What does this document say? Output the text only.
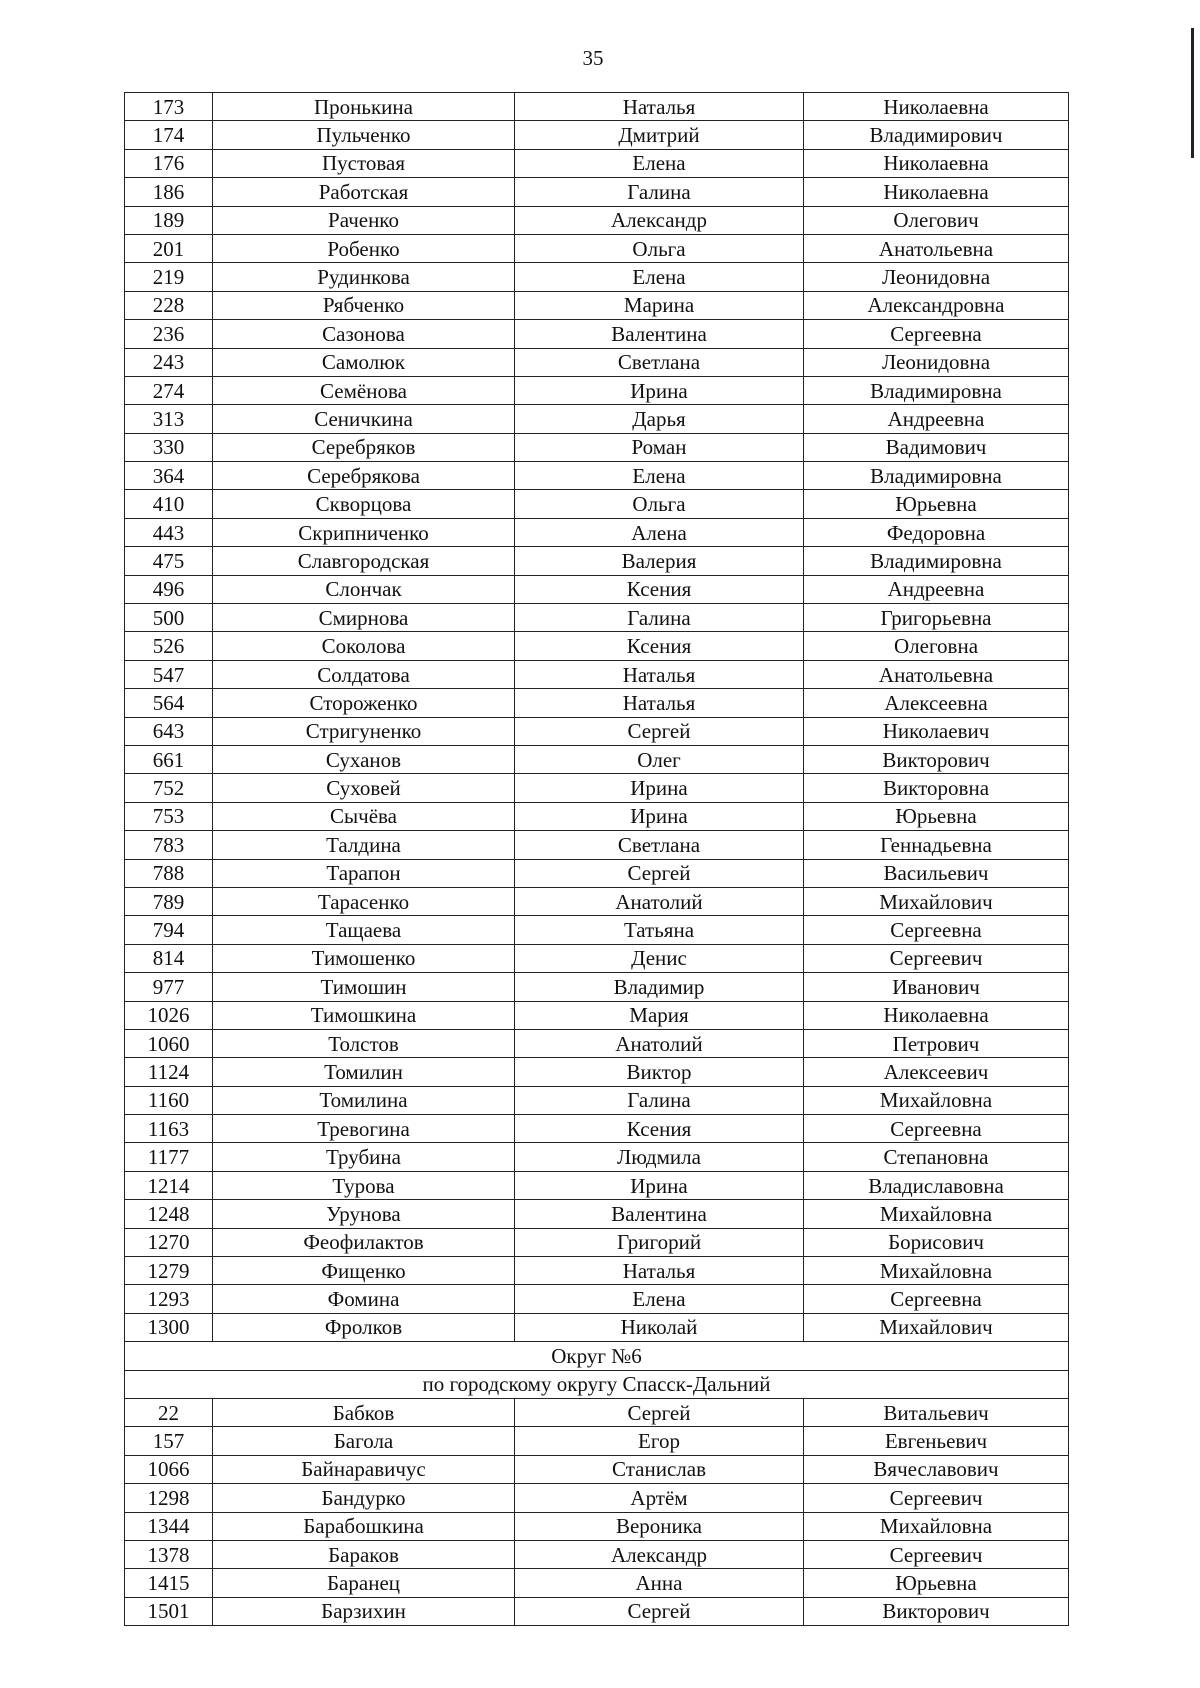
35
173	Пронькина	Наталья	Николаевна
174	Пульченко	Дмитрий	Владимирович
176	Пустовая	Елена	Николаевна
186	Работская	Галина	Николаевна
189	Раченко	Александр	Олегович
201	Робенко	Ольга	Анатольевна
219	Рудинкова	Елена	Леонидовна
228	Рябченко	Марина	Александровна
236	Сазонова	Валентина	Сергеевна
243	Самолюк	Светлана	Леонидовна
274	Семёнова	Ирина	Владимировна
313	Сеничкина	Дарья	Андреевна
330	Серебряков	Роман	Вадимович
364	Серебрякова	Елена	Владимировна
410	Скворцова	Ольга	Юрьевна
443	Скрипниченко	Алена	Федоровна
475	Славгородская	Валерия	Владимировна
496	Слончак	Ксения	Андреевна
500	Смирнова	Галина	Григорьевна
526	Соколова	Ксения	Олеговна
547	Солдатова	Наталья	Анатольевна
564	Стороженко	Наталья	Алексеевна
643	Стригуненко	Сергей	Николаевич
661	Суханов	Олег	Викторович
752	Суховей	Ирина	Викторовна
753	Сычёва	Ирина	Юрьевна
783	Талдина	Светлана	Геннадьевна
788	Тарапон	Сергей	Васильевич
789	Тарасенко	Анатолий	Михайлович
794	Тащаева	Татьяна	Сергеевна
814	Тимошенко	Денис	Сергеевич
977	Тимошин	Владимир	Иванович
1026	Тимошкина	Мария	Николаевна
1060	Толстов	Анатолий	Петрович
1124	Томилин	Виктор	Алексеевич
1160	Томилина	Галина	Михайловна
1163	Тревогина	Ксения	Сергеевна
1177	Трубина	Людмила	Степановна
1214	Турова	Ирина	Владиславовна
1248	Урунова	Валентина	Михайловна
1270	Феофилактов	Григорий	Борисович
1279	Фищенко	Наталья	Михайловна
1293	Фомина	Елена	Сергеевна
1300	Фролков	Николай	Михайлович
Округ №6			
по городскому округу Спасск-Дальний			
22	Бабков	Сергей	Витальевич
157	Багола	Егор	Евгеньевич
1066	Байнаравичус	Станислав	Вячеславович
1298	Бандурко	Артём	Сергеевич
1344	Барабошкина	Вероника	Михайловна
1378	Бараков	Александр	Сергеевич
1415	Баранец	Анна	Юрьевна
1501	Барзихин	Сергей	Викторович
